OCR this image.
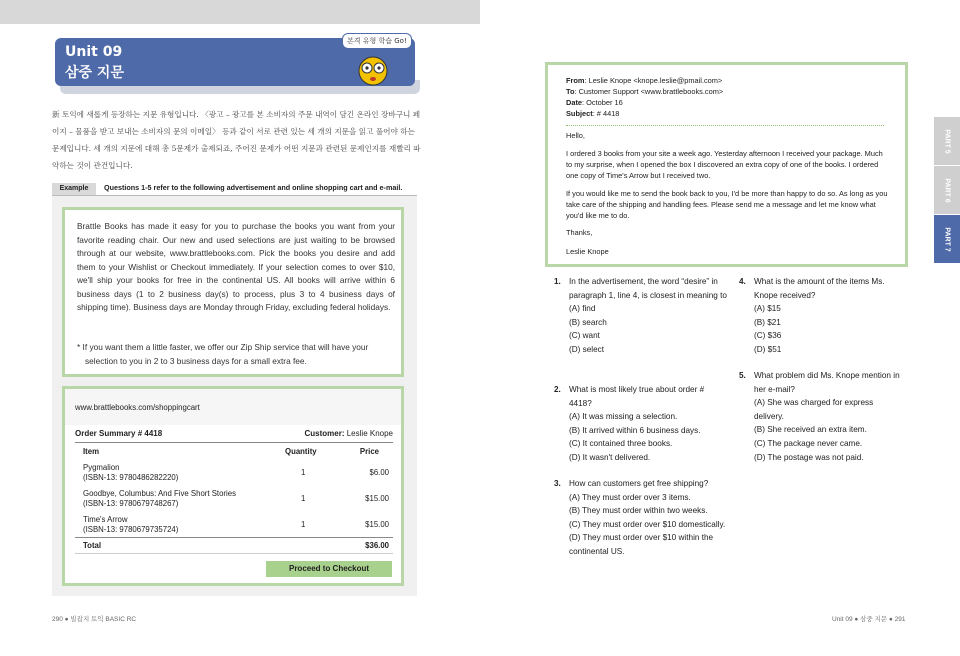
Unit 09
삼중 지문
본격 유형 학습 Go!
新 토익에 새롭게 등장하는 지문 유형입니다. 〈광고 – 광고를 본 소비자의 주문 내역이 담긴 온라인 장바구니 페이지 – 물품을 받고 보내는 소비자의 문의 이메일〉 등과 같이 서로 관련 있는 세 개의 지문을 읽고 풀어야 하는 문제입니다. 세 개의 지문에 대해 총 5문제가 출제되죠, 주어진 문제가 어떤 지문과 관련된 문제인지를 재빨리 파악하는 것이 관건입니다.
Example	Questions 1-5 refer to the following advertisement and online shopping cart and e-mail.
Brattle Books has made it easy for you to purchase the books you want from your favorite reading chair. Our new and used selections are just waiting to be browsed through at our website, www.brattlebooks.com. Pick the books you desire and add them to your Wishlist or Checkout immediately. If your selection comes to over $10, we'll ship your books for free in the continental US. All books will arrive within 6 business days (1 to 2 business day(s) to process, plus 3 to 4 business days of shipping time). Business days are Monday through Friday, excluding federal holidays.
* If you want them a little faster, we offer our Zip Ship service that will have your selection to you in 2 to 3 business days for a small extra fee.
www.brattlebooks.com/shoppingcart
Order Summary # 4418	Customer: Leslie Knope
Item	Quantity	Price
Pygmalion
(ISBN-13: 9780486282220)
1	$6.00
Goodbye, Columbus: And Five Short Stories
(ISBN-13: 9780679748267)
1	$15.00
Time's Arrow
(ISBN-13: 9780679735724)
1	$15.00
Total	$36.00
Proceed to Checkout
290 ● 빌잡지 토익 BASIC RC
From: Leslie Knope <knope.leslie@pmail.com>
To: Customer Support <www.brattlebooks.com>
Date: October 16
Subject: # 4418
Hello,
I ordered 3 books from your site a week ago. Yesterday afternoon I received your package. Much to my surprise, when I opened the box I discovered an extra copy of one of the books. I ordered one copy of Time's Arrow but I received two.
If you would like me to send the book back to you, I'd be more than happy to do so. As long as you take care of the shipping and handling fees. Please send me a message and let me know what you'd like me to do.
Thanks,
Leslie Knope
1. In the advertisement, the word “desire” in paragraph 1, line 4, is closest in meaning to
(A) find
(B) search
(C) want
(D) select
2. What is most likely true about order # 4418?
(A) It was missing a selection.
(B) It arrived within 6 business days.
(C) It contained three books.
(D) It wasn't delivered.
3. How can customers get free shipping?
(A) They must order over 3 items.
(B) They must order within two weeks.
(C) They must order over $10 domestically.
(D) They must order over $10 within the continental US.
4. What is the amount of the items Ms. Knope received?
(A) $15
(B) $21
(C) $36
(D) $51
5. What problem did Ms. Knope mention in her e-mail?
(A) She was charged for express delivery.
(B) She received an extra item.
(C) The package never came.
(D) The postage was not paid.
PART 5
PART 6
PART 7
Unit 09 ● 삼중 지문 ● 291
